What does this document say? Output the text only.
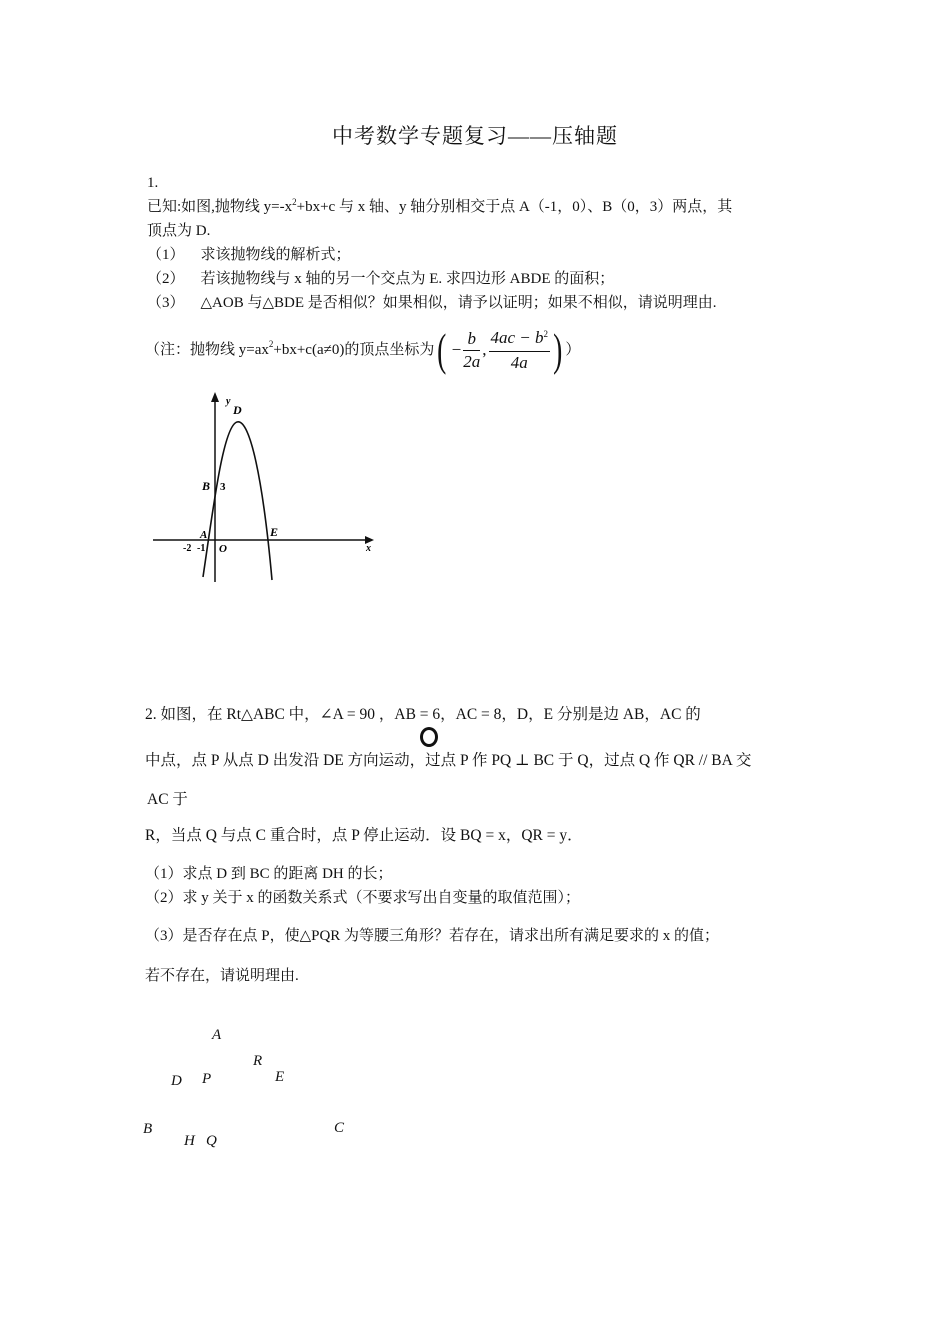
中考数学专题复习——压轴题
1.
已知:如图,抛物线 $y=-x^2+bx+c$ 与 x 轴、y 轴分别相交于点 A（-1，0）、B（0，3）两点，其
顶点为 D.
（1） 求该抛物线的解析式；
（2） 若该抛物线与 x 轴的另一个交点为 E. 求四边形 ABDE 的面积；
（3） △AOB 与△BDE 是否相似？如果相似，请予以证明；如果不相似，请说明理由.
（注：抛物线 y=ax 2 +bx+c(a≠0)的顶点坐标为 ( − $\frac{b}{2a}$ , $\frac{4ac - b^2}{4a}$ ) ）
y
x
D
B 3
A	E
O
-2 -1
2. 如图，在 Rt△ABC 中，∠A = 90 ，AB = 6，AC = 8，D，E 分别是边 AB，AC 的
中点，点 P 从点 D 出发沿 DE 方向运动，过点 P 作 PQ ⊥ BC 于 Q，过点 Q 作 QR // BA 交
AC 于
R，当点 Q 与点 C 重合时，点 P 停止运动．设 BQ = x，QR = y．
（1）求点 D 到 BC 的距离 DH 的长；
（2）求 y 关于 x 的函数关系式（不要求写出自变量的取值范围）；
（3）是否存在点 P，使△PQR 为等腰三角形？若存在，请求出所有满足要求的 x 的值；
若不存在，请说明理由.
A
R
D P	E
B	C
H Q
